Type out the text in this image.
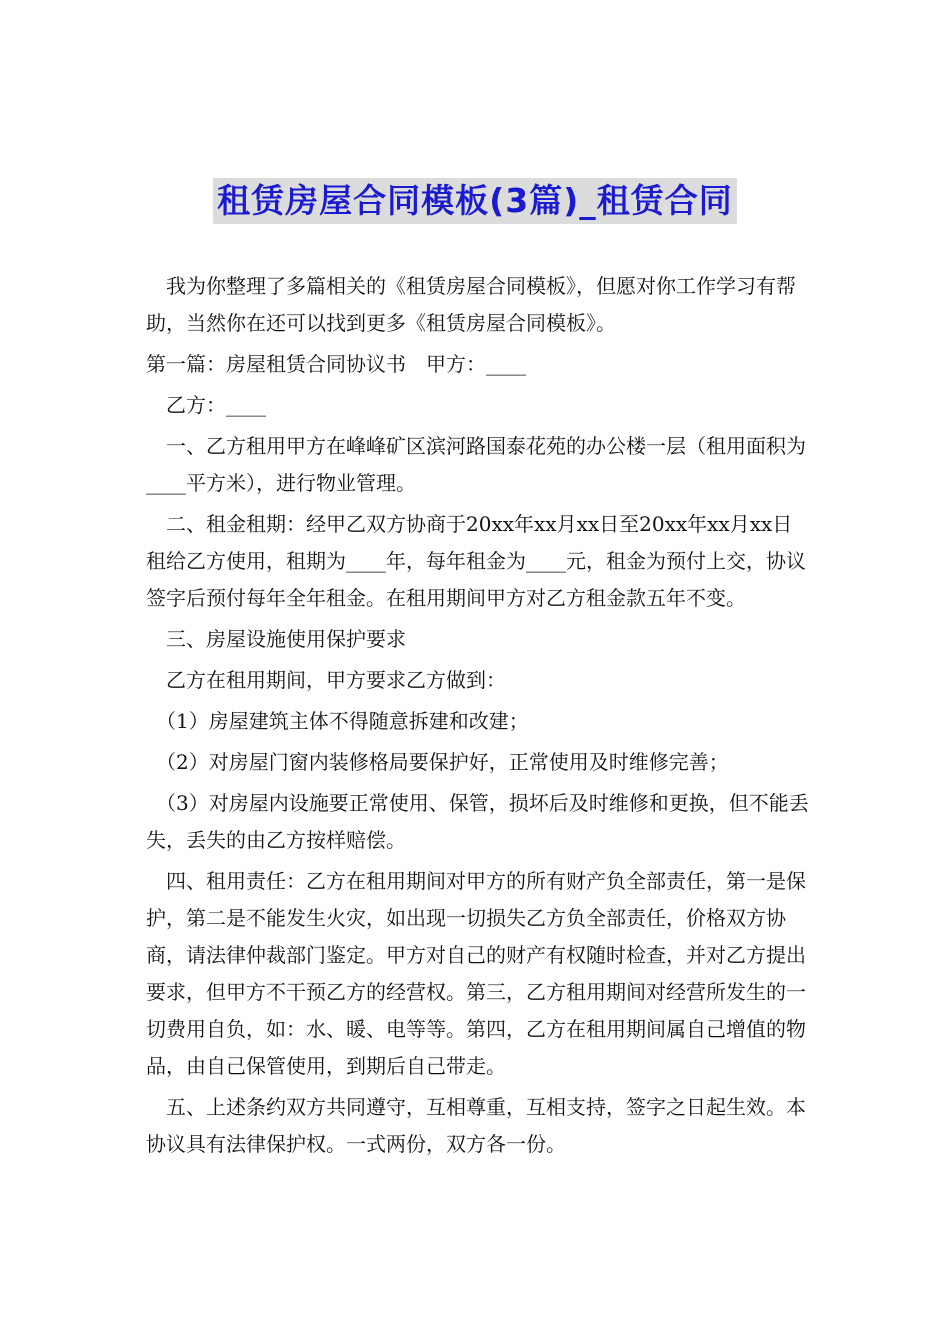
租赁房屋合同模板(3篇)_租赁合同

　我为你整理了多篇相关的《租赁房屋合同模板》，但愿对你工作学习有帮助，当然你在还可以找到更多《租赁房屋合同模板》。

第一篇：房屋租赁合同协议书　甲方：____

　乙方：____

　一、乙方租用甲方在峰峰矿区滨河路国泰花苑的办公楼一层（租用面积为____平方米），进行物业管理。

　二、租金租期：经甲乙双方协商于20xx年xx月xx日至20xx年xx月xx日租给乙方使用，租期为____年，每年租金为____元，租金为预付上交，协议签字后预付每年全年租金。在租用期间甲方对乙方租金款五年不变。

　三、房屋设施使用保护要求

　乙方在租用期间，甲方要求乙方做到：

　（1）房屋建筑主体不得随意拆建和改建；

　（2）对房屋门窗内装修格局要保护好，正常使用及时维修完善；

　（3）对房屋内设施要正常使用、保管，损坏后及时维修和更换，但不能丢失，丢失的由乙方按样赔偿。

　四、租用责任：乙方在租用期间对甲方的所有财产负全部责任，第一是保护，第二是不能发生火灾，如出现一切损失乙方负全部责任，价格双方协商，请法律仲裁部门鉴定。甲方对自己的财产有权随时检查，并对乙方提出要求，但甲方不干预乙方的经营权。第三，乙方租用期间对经营所发生的一切费用自负，如：水、暖、电等等。第四，乙方在租用期间属自己增值的物品，由自己保管使用，到期后自己带走。

　五、上述条约双方共同遵守，互相尊重，互相支持，签字之日起生效。本协议具有法律保护权。一式两份，双方各一份。
